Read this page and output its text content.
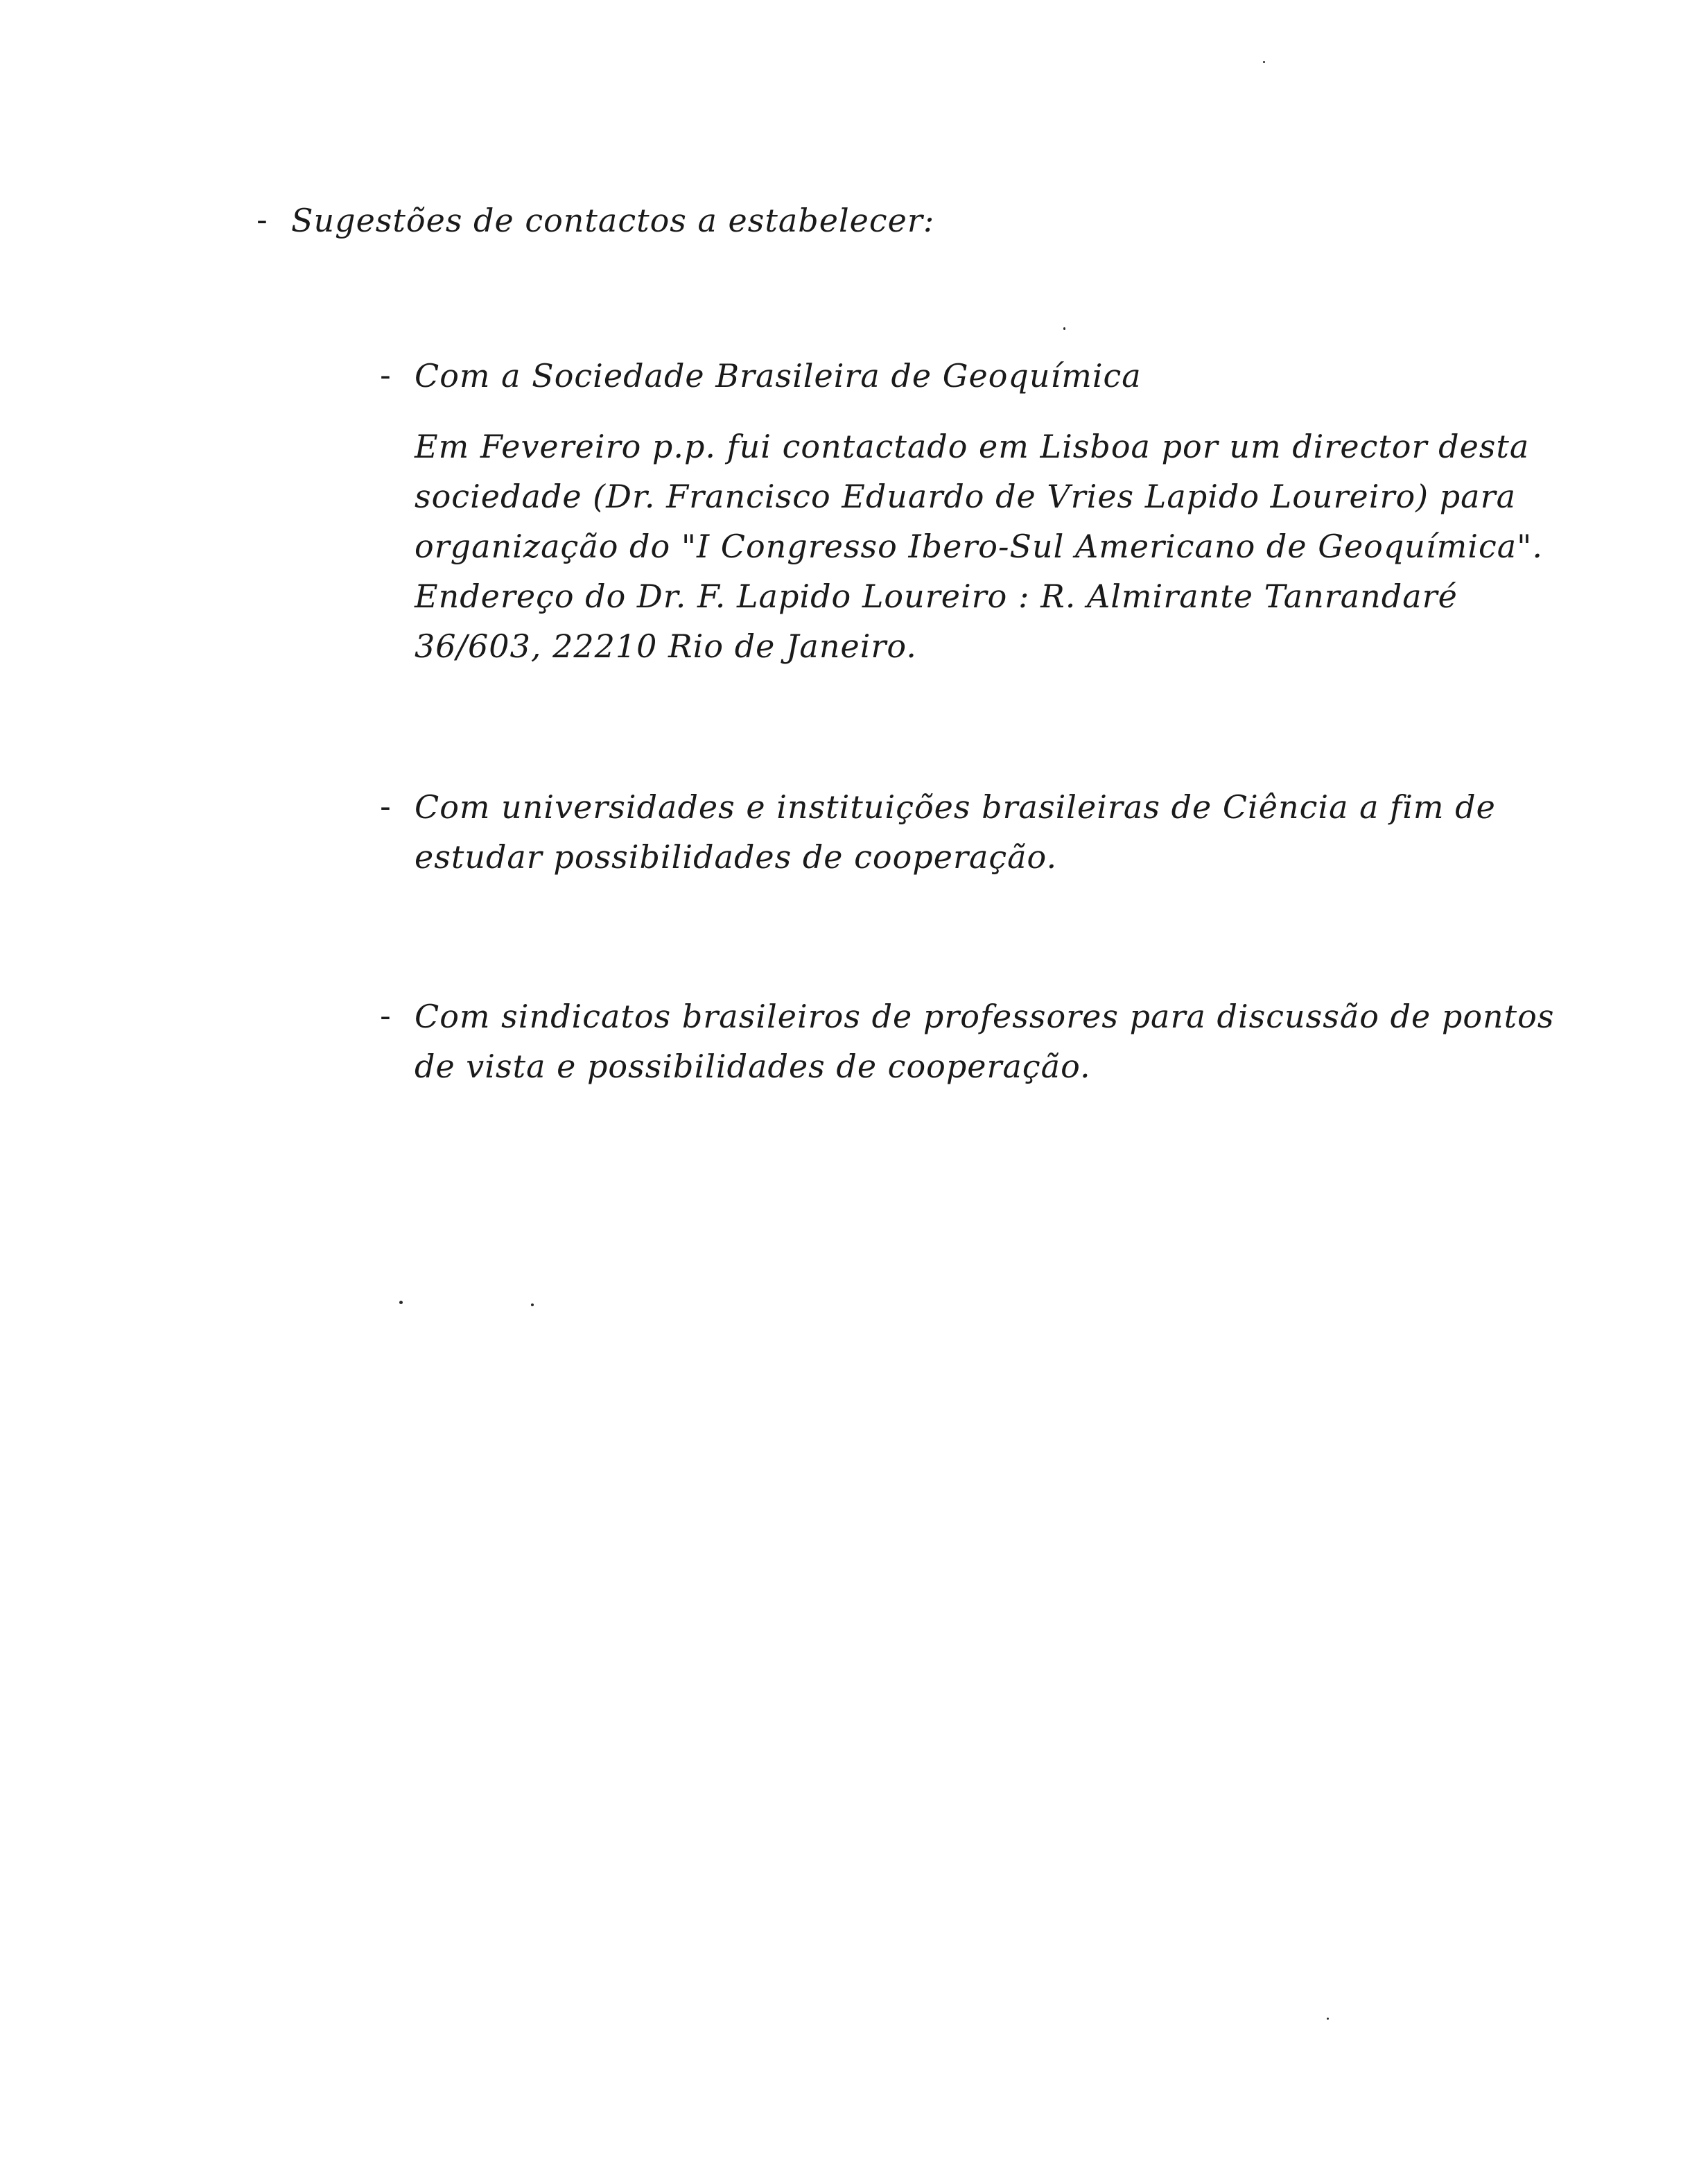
- Sugestões de contactos a estabelecer:
- Com a Sociedade Brasileira de Geoquímica
Em Fevereiro p.p. fui contactado em Lisboa por um director desta
sociedade (Dr. Francisco Eduardo de Vries Lapido Loureiro) para
organização do "I Congresso Ibero-Sul Americano de Geoquímica".
Endereço do Dr. F. Lapido Loureiro : R. Almirante Tanrandaré
36/603, 22210 Rio de Janeiro.
- Com universidades e instituições brasileiras de Ciência a fim de
estudar possibilidades de cooperação.
- Com sindicatos brasileiros de professores para discussão de pontos
de vista e possibilidades de cooperação.
